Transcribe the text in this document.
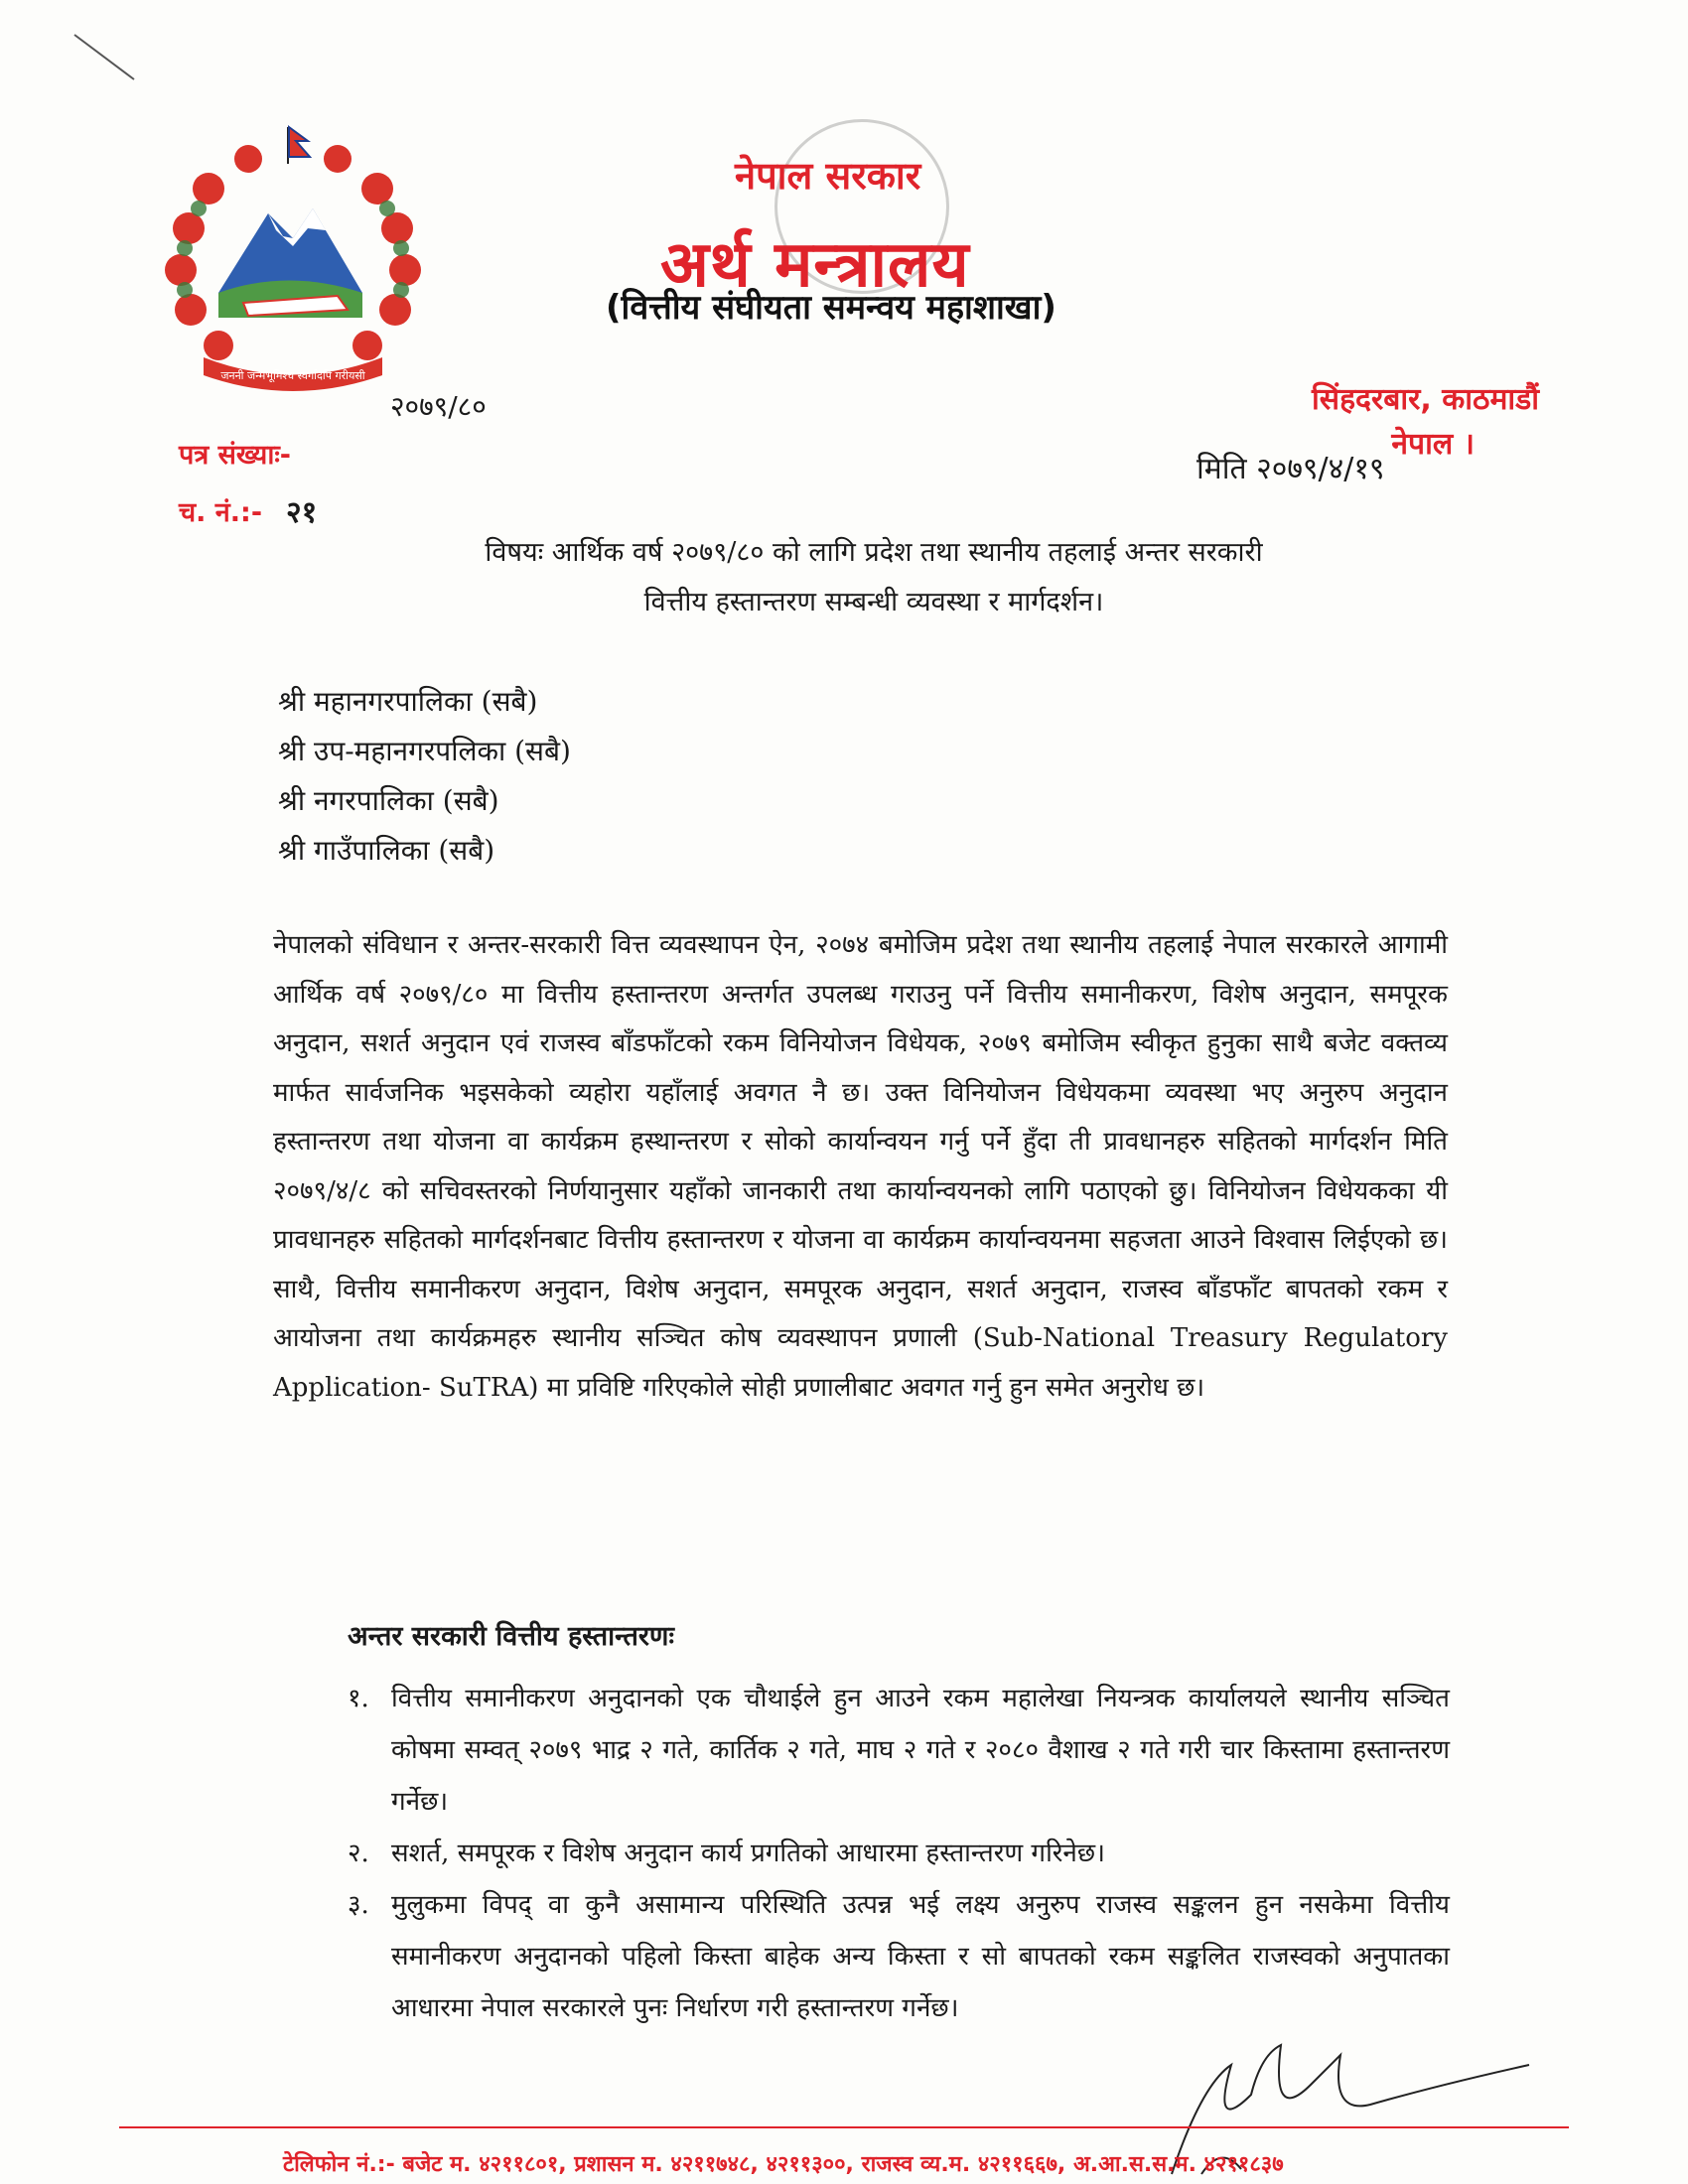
जननी जन्मभूमिश्च स्वर्गादपि गरीयसी
नेपाल सरकार
अर्थ मन्त्रालय
(वित्तीय संघीयता समन्वय महाशाखा)
२०७९/८०
पत्र संख्याः-
च. नं.:- २१
सिंहदरबार, काठमाडौं
नेपाल ।
मिति २०७९/४/१९
विषयः आर्थिक वर्ष २०७९/८० को लागि प्रदेश तथा स्थानीय तहलाई अन्तर सरकारी
वित्तीय हस्तान्तरण सम्बन्धी व्यवस्था र मार्गदर्शन।
श्री महानगरपालिका (सबै)
श्री उप-महानगरपलिका (सबै)
श्री नगरपालिका (सबै)
श्री गाउँपालिका (सबै)
नेपालको संविधान र अन्तर-सरकारी वित्त व्यवस्थापन ऐन, २०७४ बमोजिम प्रदेश तथा स्थानीय तहलाई नेपाल सरकारले आगामी आर्थिक वर्ष २०७९/८० मा वित्तीय हस्तान्तरण अन्तर्गत उपलब्ध गराउनु पर्ने वित्तीय समानीकरण, विशेष अनुदान, समपूरक अनुदान, सशर्त अनुदान एवं राजस्व बाँडफाँटको रकम विनियोजन विधेयक, २०७९ बमोजिम स्वीकृत हुनुका साथै बजेट वक्तव्य मार्फत सार्वजनिक भइसकेको व्यहोरा यहाँलाई अवगत नै छ। उक्त विनियोजन विधेयकमा व्यवस्था भए अनुरुप अनुदान हस्तान्तरण तथा योजना वा कार्यक्रम हस्थान्तरण र सोको कार्यान्वयन गर्नु पर्ने हुँदा ती प्रावधानहरु सहितको मार्गदर्शन मिति २०७९/४/८ को सचिवस्तरको निर्णयानुसार यहाँको जानकारी तथा कार्यान्वयनको लागि पठाएको छु। विनियोजन विधेयकका यी प्रावधानहरु सहितको मार्गदर्शनबाट वित्तीय हस्तान्तरण र योजना वा कार्यक्रम कार्यान्वयनमा सहजता आउने विश्वास लिईएको छ। साथै, वित्तीय समानीकरण अनुदान, विशेष अनुदान, समपूरक अनुदान, सशर्त अनुदान, राजस्व बाँडफाँट बापतको रकम र आयोजना तथा कार्यक्रमहरु स्थानीय सञ्चित कोष व्यवस्थापन प्रणाली (Sub-National Treasury Regulatory Application- SuTRA) मा प्रविष्टि गरिएकोले सोही प्रणालीबाट अवगत गर्नु हुन समेत अनुरोध छ।
अन्तर सरकारी वित्तीय हस्तान्तरणः
१. वित्तीय समानीकरण अनुदानको एक चौथाईले हुन आउने रकम महालेखा नियन्त्रक कार्यालयले स्थानीय सञ्चित कोषमा सम्वत् २०७९ भाद्र २ गते, कार्तिक २ गते, माघ २ गते र २०८० वैशाख २ गते गरी चार किस्तामा हस्तान्तरण गर्नेछ।
२. सशर्त, समपूरक र विशेष अनुदान कार्य प्रगतिको आधारमा हस्तान्तरण गरिनेछ।
३. मुलुकमा विपद् वा कुनै असामान्य परिस्थिति उत्पन्न भई लक्ष्य अनुरुप राजस्व सङ्कलन हुन नसकेमा वित्तीय समानीकरण अनुदानको पहिलो किस्ता बाहेक अन्य किस्ता र सो बापतको रकम सङ्कलित राजस्वको अनुपातका आधारमा नेपाल सरकारले पुनः निर्धारण गरी हस्तान्तरण गर्नेछ।
टेलिफोन नं.:- बजेट म. ४२११८०१, प्रशासन म. ४२११७४८, ४२११३००, राजस्व व्य.म. ४२११६६७, अ.आ.स.स.म. ४२११८३७
